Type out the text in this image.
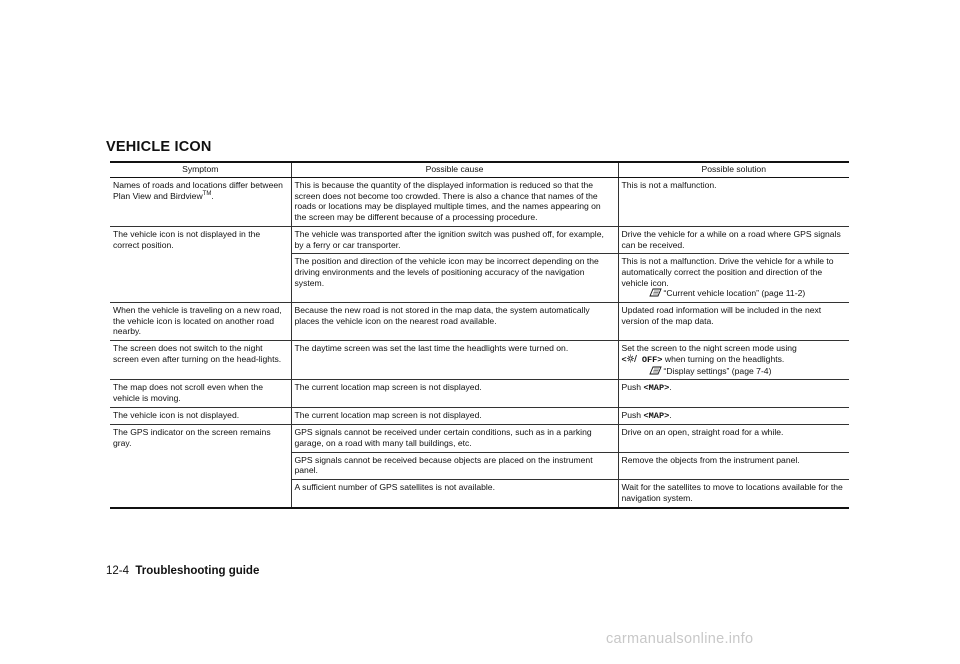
VEHICLE ICON
Symptom	Possible cause	Possible solution
Names of roads and locations differ between Plan View and Birdview™.	This is because the quantity of the displayed information is reduced so that the screen does not become too crowded. There is also a chance that names of the roads or locations may be displayed multiple times, and the names appearing on the screen may be different because of a processing procedure.	This is not a malfunction.
The vehicle icon is not displayed in the correct position.	The vehicle was transported after the ignition switch was pushed off, for example, by a ferry or car transporter.	Drive the vehicle for a while on a road where GPS signals can be received.
	The position and direction of the vehicle icon may be incorrect depending on the driving environments and the levels of positioning accuracy of the navigation system.	This is not a malfunction. Drive the vehicle for a while to automatically correct the position and direction of the vehicle icon.
“Current vehicle location” (page 11-2)

When the vehicle is traveling on a new road, the vehicle icon is located on another road nearby.	Because the new road is not stored in the map data, the system automatically places the vehicle icon on the nearest road available.	Updated road information will be included in the next version of the map data.
The screen does not switch to the night screen even after turning on the head-lights.	The daytime screen was set the last time the headlights were turned on.	Set the screen to the night screen mode using
< OFF> when turning on the headlights.
“Display settings” (page 7-4)

The map does not scroll even when the vehicle is moving.	The current location map screen is not displayed.	Push <MAP>.
The vehicle icon is not displayed.	The current location map screen is not displayed.	Push <MAP>.
The GPS indicator on the screen remains gray.	GPS signals cannot be received under certain conditions, such as in a parking garage, on a road with many tall buildings, etc.	Drive on an open, straight road for a while.
	GPS signals cannot be received because objects are placed on the instrument panel.	Remove the objects from the instrument panel.
	A sufficient number of GPS satellites is not available.	Wait for the satellites to move to locations available for the navigation system.
12-4 Troubleshooting guide
carmanualsonline.info
